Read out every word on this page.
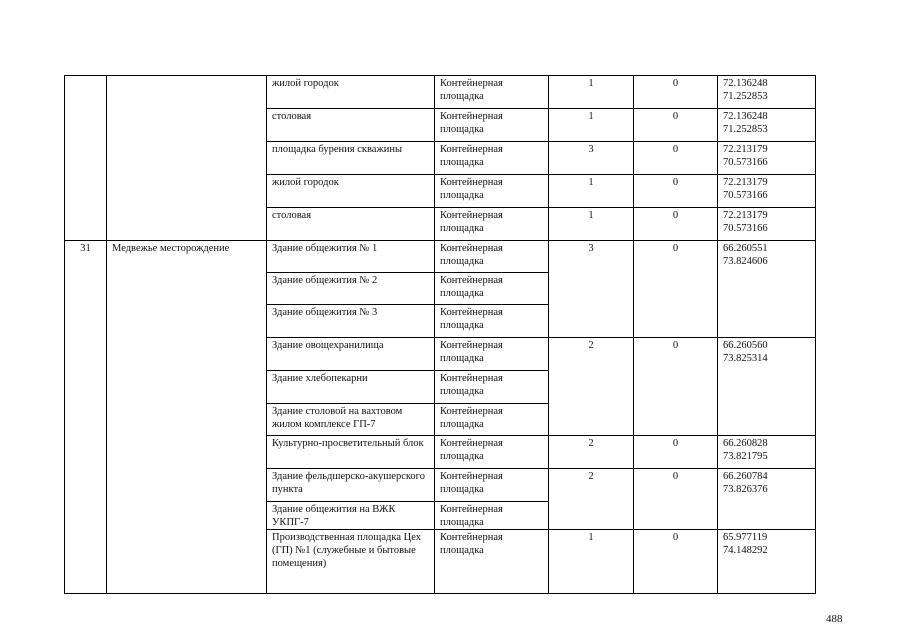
		жилой городок	Контейнерная площадка	1	0	72.136248
71.252853
		столовая	Контейнерная площадка	1	0	72.136248
71.252853
		площадка бурения скважины	Контейнерная площадка	3	0	72.213179
70.573166
		жилой городок	Контейнерная площадка	1	0	72.213179
70.573166
		столовая	Контейнерная площадка	1	0	72.213179
70.573166
31	Медвежье месторождение	Здание общежития № 1	Контейнерная площадка	3	0	66.260551
73.824606
		Здание общежития № 2	Контейнерная площадка			
		Здание общежития № 3	Контейнерная площадка			
		Здание овощехранилища	Контейнерная площадка	2	0	66.260560
73.825314
		Здание хлебопекарни	Контейнерная площадка			
		Здание столовой на вахтовом жилом комплексе ГП-7	Контейнерная площадка			
		Культурно-просветительный блок	Контейнерная площадка	2	0	66.260828
73.821795
		Здание фельдшерско-акушерского пункта	Контейнерная площадка	2	0	66.260784
73.826376
		Здание общежития на ВЖК УКПГ-7	Контейнерная площадка			
		Производственная площадка Цех (ГП) №1 (служебные и бытовые помещения)	Контейнерная площадка	1	0	65.977119
74.148292
488
